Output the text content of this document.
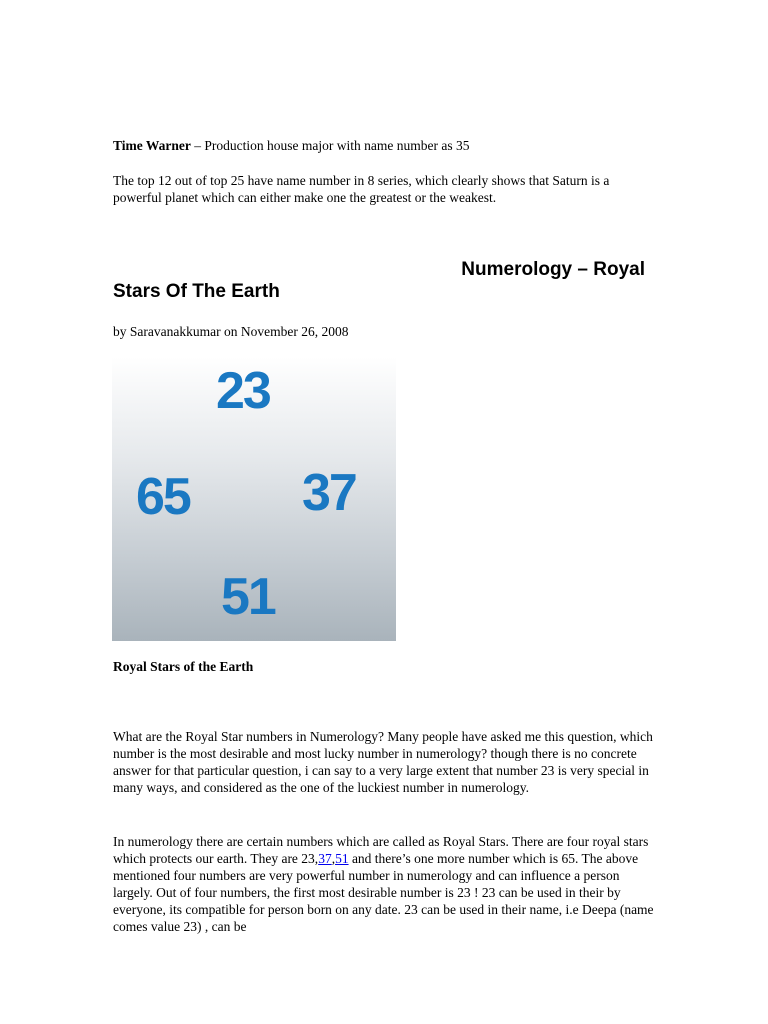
Time Warner – Production house major with name number as 35

The top 12 out of top 25 have name number in 8 series, which clearly shows that Saturn is a powerful planet which can either make one the greatest or the weakest.

Numerology – Royal
Stars Of The Earth

by Saravanakkumar on November 26, 2008

23
65 37
51

Royal Stars of the Earth

What are the Royal Star numbers in Numerology? Many people have asked me this question, which number is the most desirable and most lucky number in numerology? though there is no concrete answer for that particular question, i can say to a very large extent that number 23 is very special in many ways, and considered as the one of the luckiest number in numerology.

In numerology there are certain numbers which are called as Royal Stars. There are four royal stars which protects our earth. They are 23,37,51 and there’s one more number which is 65. The above mentioned four numbers are very powerful number in numerology and can influence a person largely. Out of four numbers, the first most desirable number is 23 ! 23 can be used in their by everyone, its compatible for person born on any date. 23 can be used in their name, i.e Deepa (name comes value 23) , can be
